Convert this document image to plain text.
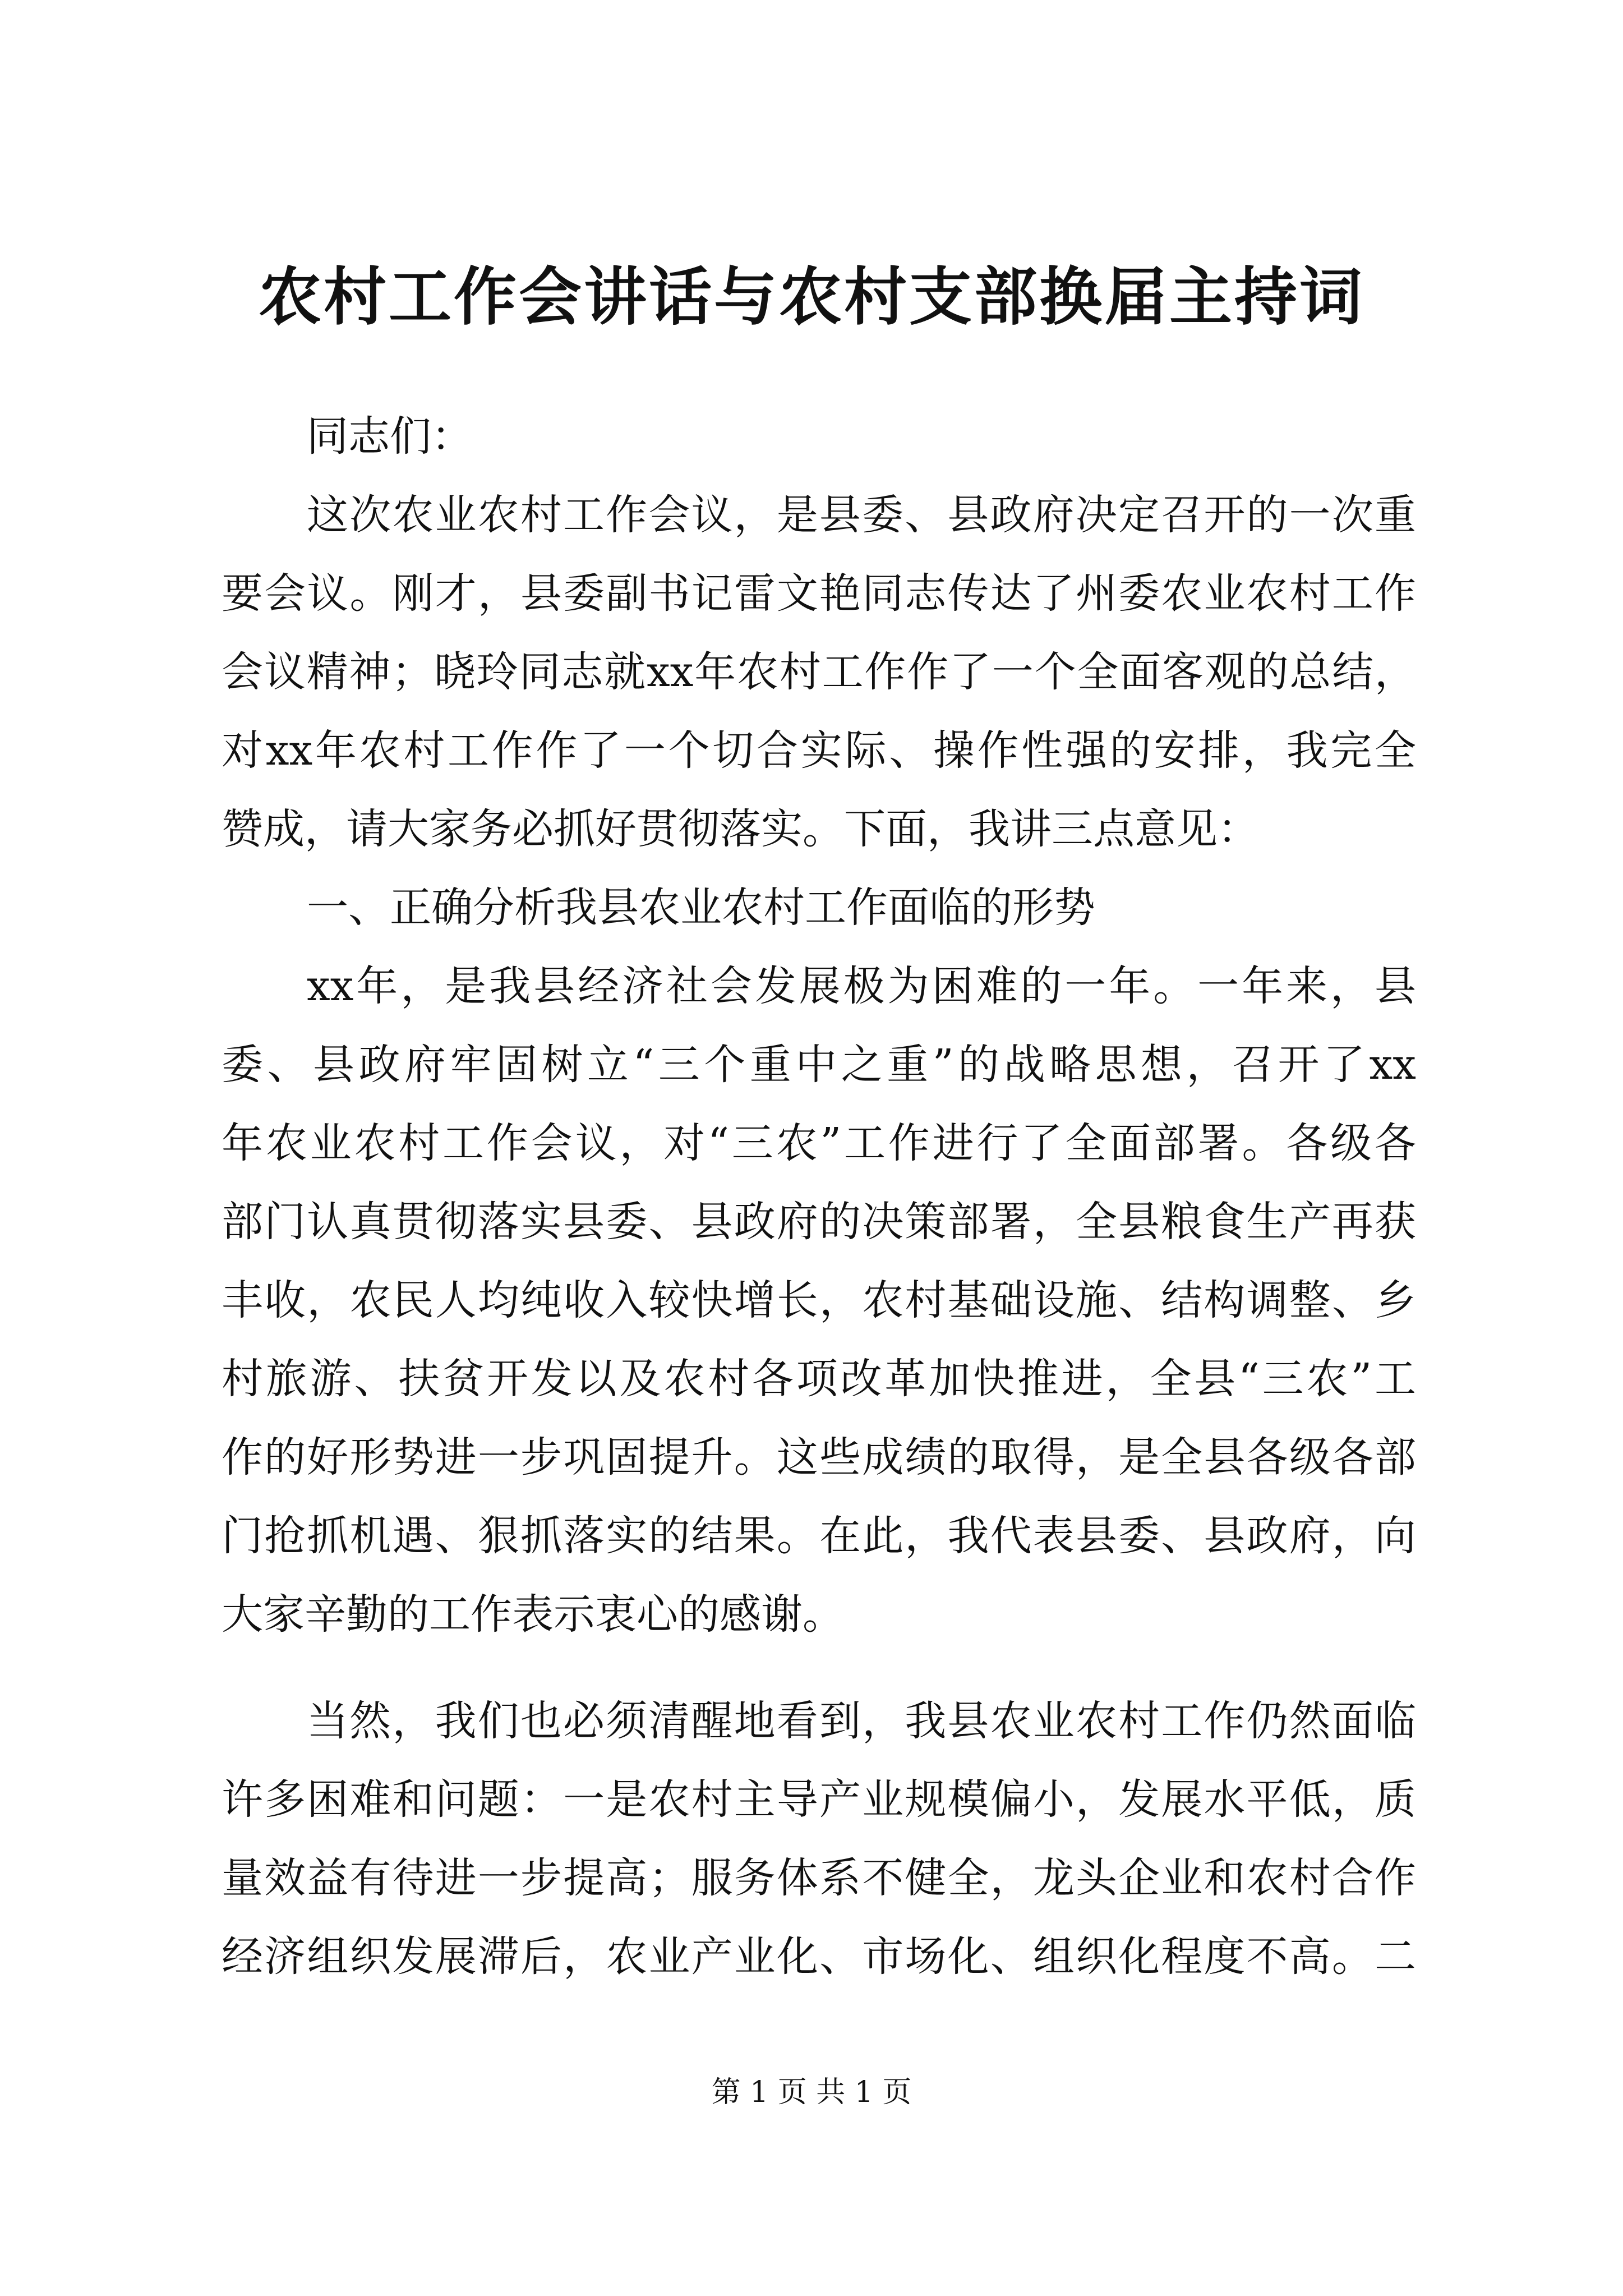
农村工作会讲话与农村支部换届主持词
同志们：
这次农业农村工作会议，是县委、县政府决定召开的一次重
要会议。刚才，县委副书记雷文艳同志传达了州委农业农村工作
会议精神；晓玲同志就xx年农村工作作了一个全面客观的总结，
对xx年农村工作作了一个切合实际、操作性强的安排，我完全
赞成，请大家务必抓好贯彻落实。下面，我讲三点意见：
一、正确分析我县农业农村工作面临的形势
xx年，是我县经济社会发展极为困难的一年。一年来，县
委、县政府牢固树立“三个重中之重”的战略思想，召开了xx
年农业农村工作会议，对“三农”工作进行了全面部署。各级各
部门认真贯彻落实县委、县政府的决策部署，全县粮食生产再获
丰收，农民人均纯收入较快增长，农村基础设施、结构调整、乡
村旅游、扶贫开发以及农村各项改革加快推进，全县“三农”工
作的好形势进一步巩固提升。这些成绩的取得，是全县各级各部
门抢抓机遇、狠抓落实的结果。在此，我代表县委、县政府，向
大家辛勤的工作表示衷心的感谢。
当然，我们也必须清醒地看到，我县农业农村工作仍然面临
许多困难和问题：一是农村主导产业规模偏小，发展水平低，质
量效益有待进一步提高；服务体系不健全，龙头企业和农村合作
经济组织发展滞后，农业产业化、市场化、组织化程度不高。二
第 1 页 共 1 页
